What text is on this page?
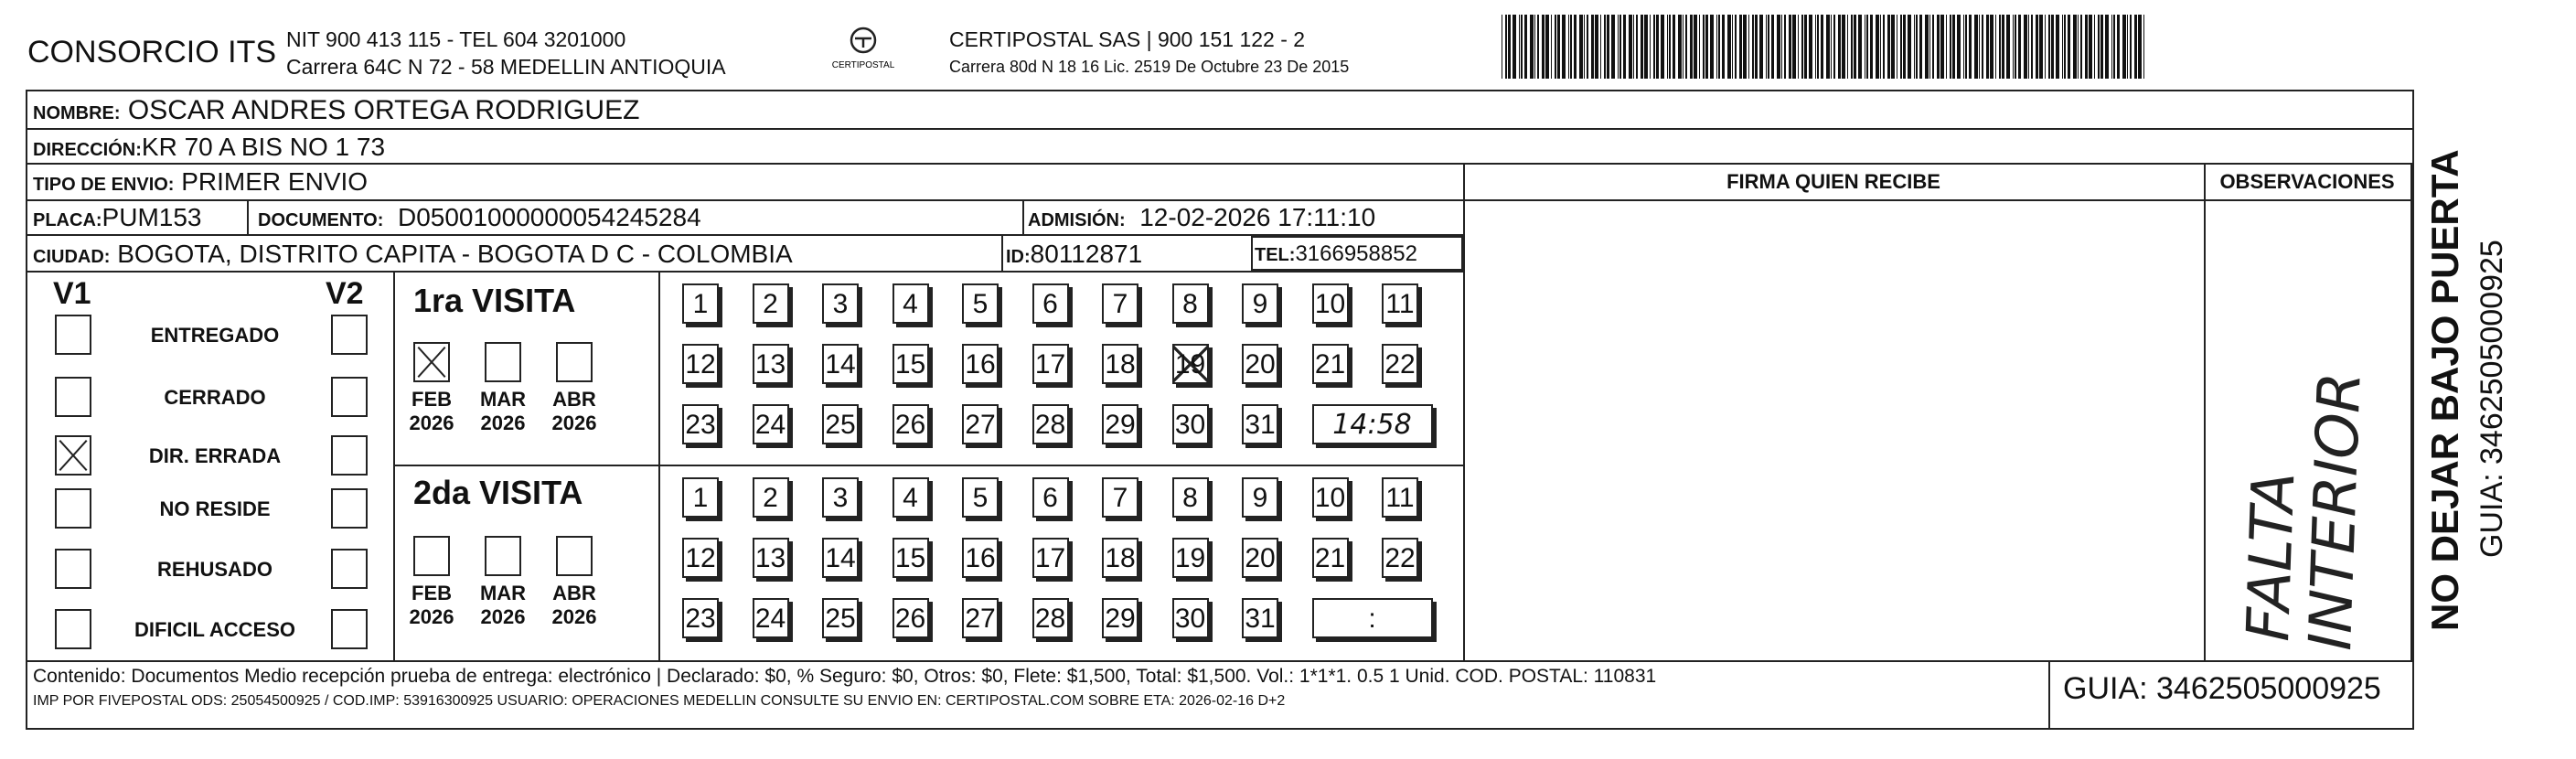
CONSORCIO ITS NIT 900 413 115 - TEL 604 3201000
Carrera 64C N 72 - 58 MEDELLIN ANTIOQUIA	CERTIPOSTAL
CERTIPOSTAL SAS | 900 151 122 - 2
Carrera 80d N 18 16 Lic. 2519 De Octubre 23 De 2015
NOMBRE: OSCAR ANDRES ORTEGA RODRIGUEZ
DIRECCIÓN:KR 70 A BIS NO 1 73
TIPO DE ENVIO: PRIMER ENVIO
PLACA:PUM153	DOCUMENTO: D05001000000054245284	ADMISIÓN: 12-02-2026 17:11:10
CIUDAD: BOGOTA, DISTRITO CAPITA - BOGOTA D C - COLOMBIA	ID:80112871	TEL:3166958852
FIRMA QUIEN RECIBE	OBSERVACIONES
FALTA
INTERIOR
V1	V2
ENTREGADO
CERRADO
DIR. ERRADA
NO RESIDE
REHUSADO
DIFICIL ACCESO
1ra VISITA
2da VISITA
FEB
2026
MAR
2026
ABR
2026
1	2	3	4	5	6	7	8	9	10 11
12 13 14 15 16 17 18 19 20 21 22
23 24 25 26 27 28 29 30 31	14:58
FEB
2026
MAR
2026
ABR
2026
1	2	3	4	5	6	7	8	9	10 11
12 13 14 15 16 17 18 19 20 21 22
23 24 25 26 27 28 29 30 31	:
Contenido: Documentos Medio recepción prueba de entrega: electrónico | Declarado: $0, % Seguro: $0, Otros: $0, Flete: $1,500, Total: $1,500. Vol.: 1*1*1. 0.5 1 Unid. COD. POSTAL: 110831
IMP POR FIVEPOSTAL ODS: 25054500925 / COD.IMP: 53916300925 USUARIO: OPERACIONES MEDELLIN CONSULTE SU ENVIO EN: CERTIPOSTAL.COM SOBRE ETA: 2026-02-16 D+2	GUIA: 3462505000925
NO DEJAR BAJO PUERTA GUIA: 3462505000925
